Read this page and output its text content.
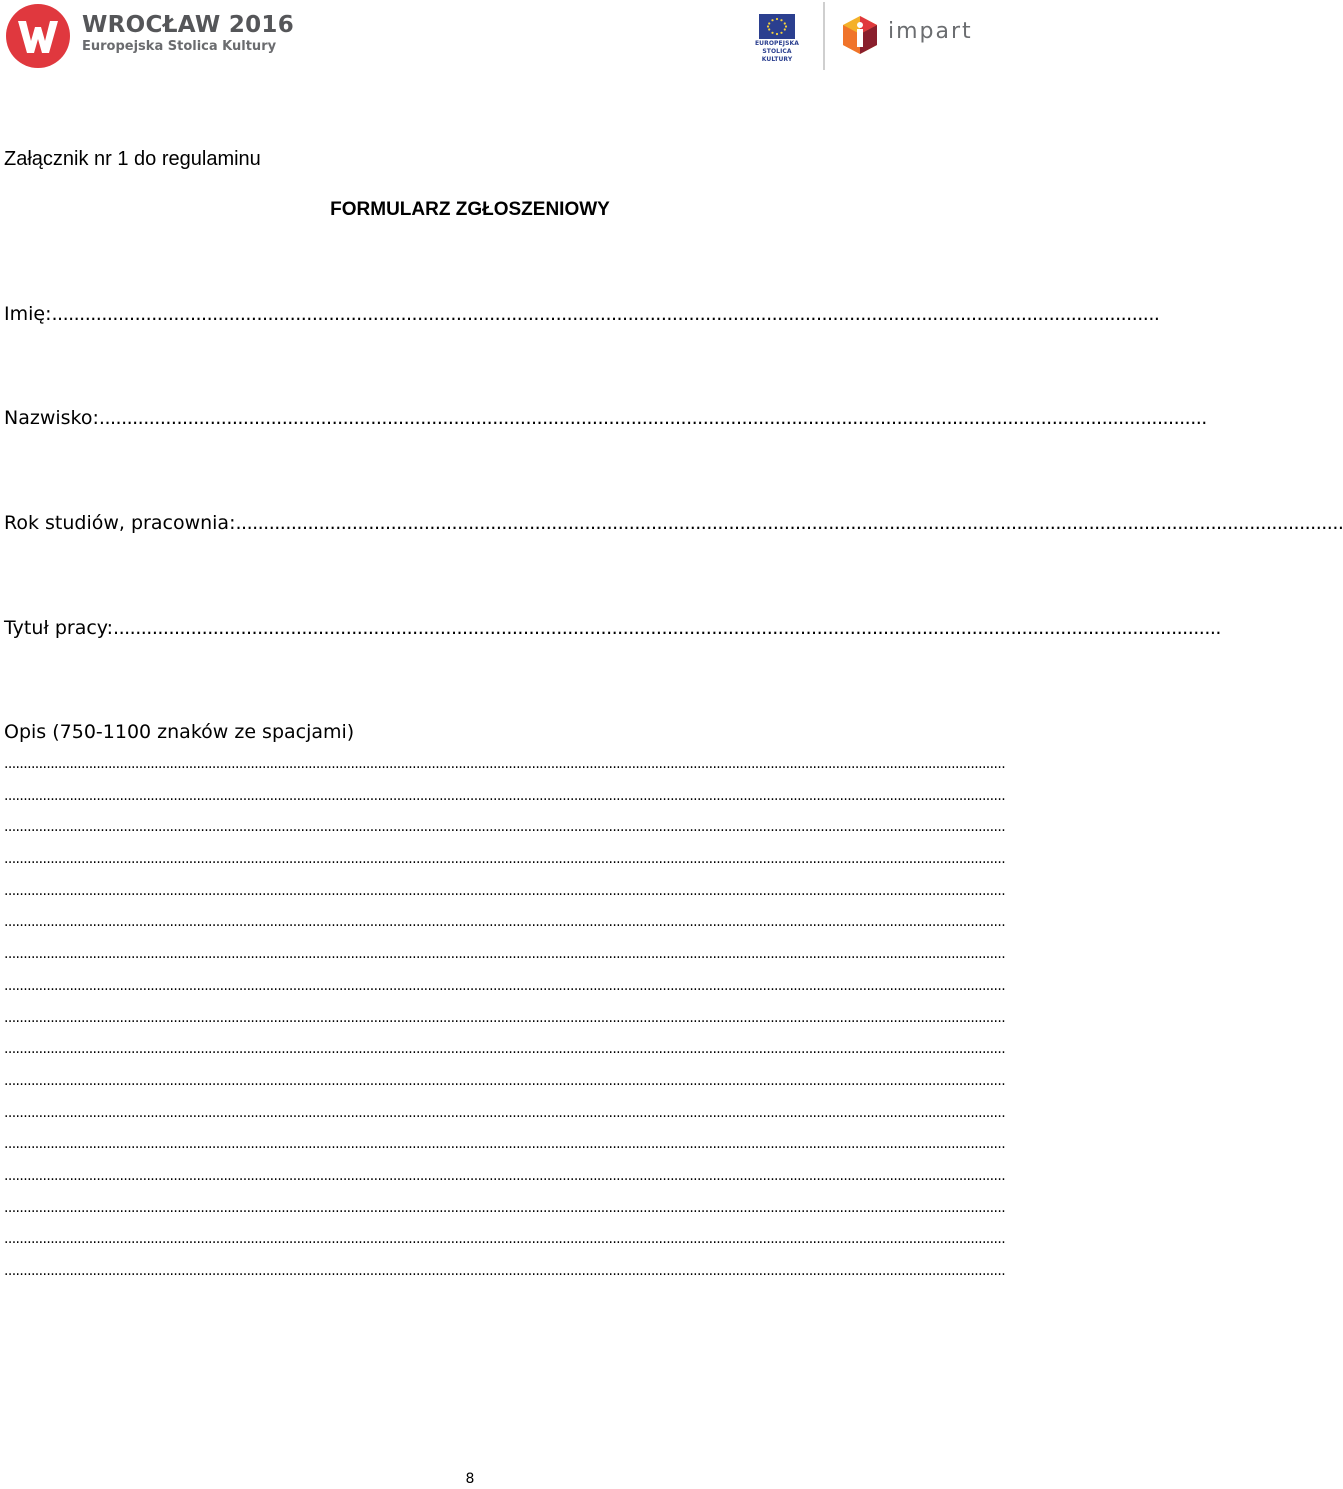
WROCŁAW 2016
Europejska Stolica Kultury	EUROPEJSKA
STOLICA KULTURY
impart
Załącznik nr 1 do regulaminu
FORMULARZ ZGŁOSZENIOWY
Imię: ........................................................................................................................................................................................................
Nazwisko: ........................................................................................................................................................................................................
Rok studiów, pracownia: ........................................................................................................................................................................................................
Tytuł pracy: ........................................................................................................................................................................................................
Opis (750-1100 znaków ze spacjami)
....................................................................................................................................................................................................................................................................
....................................................................................................................................................................................................................................................................
....................................................................................................................................................................................................................................................................
....................................................................................................................................................................................................................................................................
....................................................................................................................................................................................................................................................................
....................................................................................................................................................................................................................................................................
....................................................................................................................................................................................................................................................................
....................................................................................................................................................................................................................................................................
....................................................................................................................................................................................................................................................................
....................................................................................................................................................................................................................................................................
....................................................................................................................................................................................................................................................................
....................................................................................................................................................................................................................................................................
....................................................................................................................................................................................................................................................................
....................................................................................................................................................................................................................................................................
....................................................................................................................................................................................................................................................................
....................................................................................................................................................................................................................................................................
....................................................................................................................................................................................................................................................................
8
